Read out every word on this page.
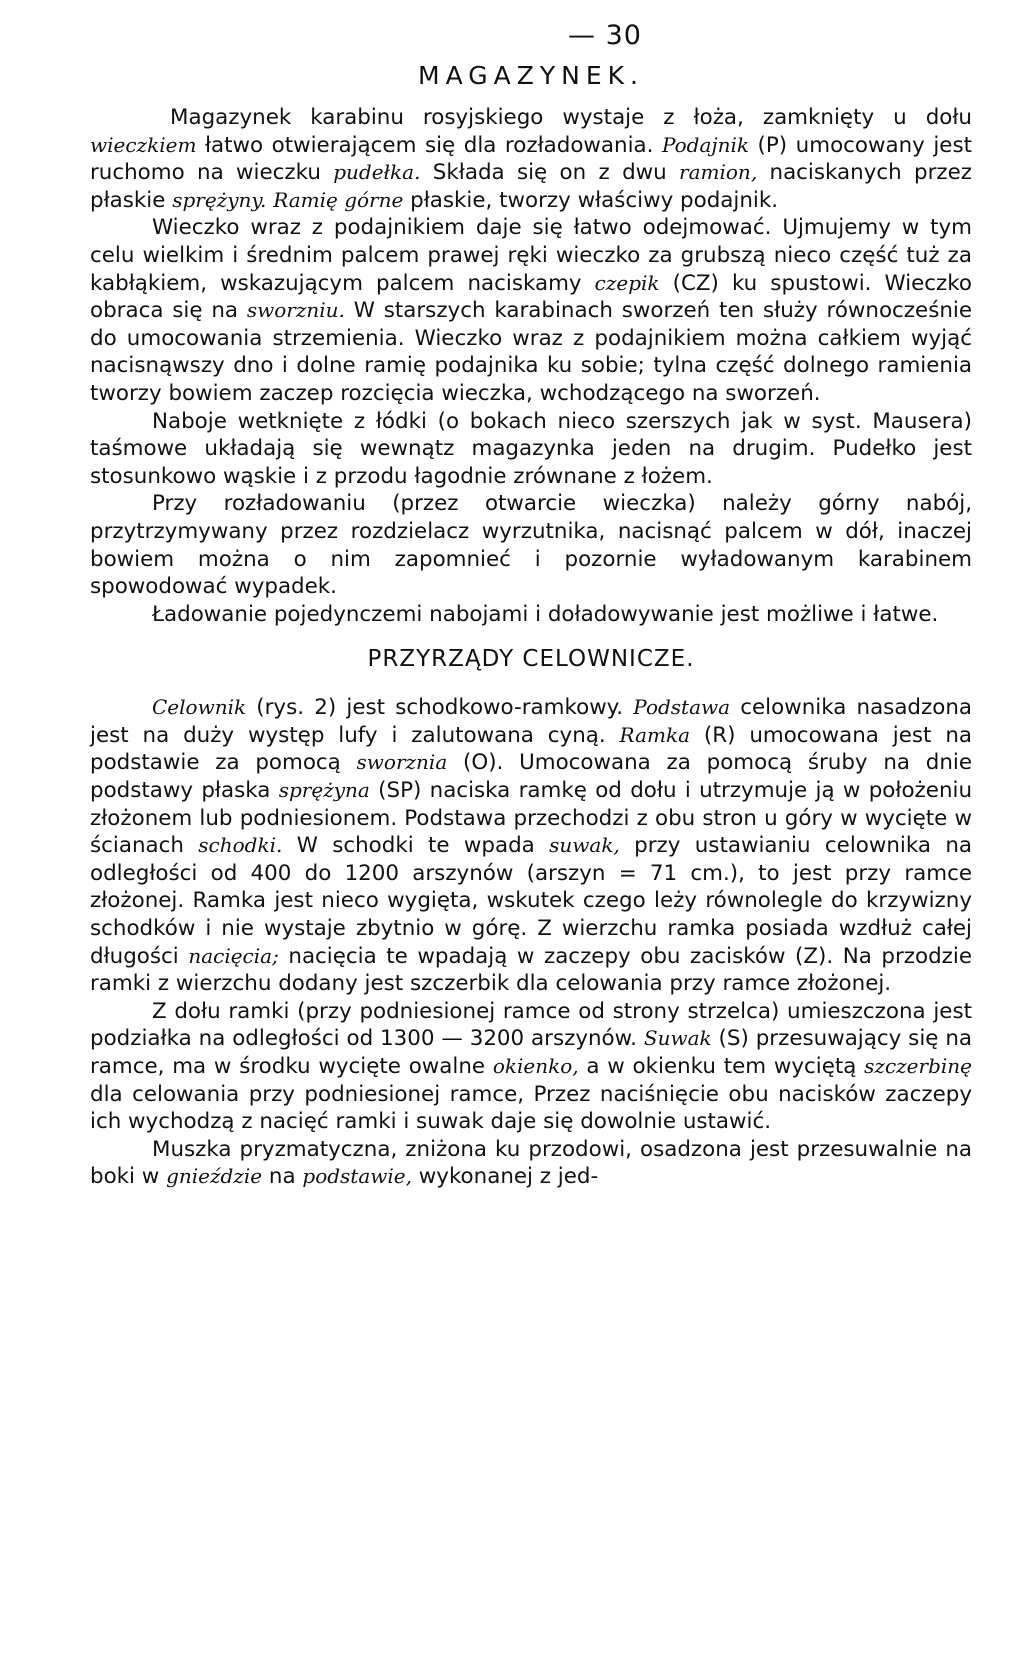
— 30
MAGAZYNEK.

Magazynek karabinu rosyjskiego wystaje z łoża, zamknięty u dołu wieczkiem łatwo otwierającem się dla rozładowania. Podajnik (P) umocowany jest ruchomo na wieczku pudełka. Składa się on z dwu ramion, naciskanych przez płaskie sprężyny. Ramię górne płaskie, tworzy właściwy podajnik.

Wieczko wraz z podajnikiem daje się łatwo odejmować. Ujmujemy w tym celu wielkim i średnim palcem prawej ręki wieczko za grubszą nieco część tuż za kabłąkiem, wskazującym palcem naciskamy czepik (CZ) ku spustowi. Wieczko obraca się na sworzniu. W starszych karabinach sworzeń ten służy równocześnie do umocowania strzemienia. Wieczko wraz z podajnikiem można całkiem wyjąć nacisnąwszy dno i dolne ramię podajnika ku sobie; tylna część dolnego ramienia tworzy bowiem zaczep rozcięcia wieczka, wchodzącego na sworzeń.

Naboje wetknięte z łódki (o bokach nieco szerszych jak w syst. Mausera) taśmowe układają się wewnątz magazynka jeden na drugim. Pudełko jest stosunkowo wąskie i z przodu łagodnie zrównane z łożem.

Przy rozładowaniu (przez otwarcie wieczka) należy górny nabój, przytrzymywany przez rozdzielacz wyrzutnika, nacisnąć palcem w dół, inaczej bowiem można o nim zapomnieć i pozornie wyładowanym karabinem spowodować wypadek.

Ładowanie pojedynczemi nabojami i doładowywanie jest możliwe i łatwe.

PRZYRZĄDY CELOWNICZE.

Celownik (rys. 2) jest schodkowo-ramkowy. Podstawa celownika nasadzona jest na duży występ lufy i zalutowana cyną. Ramka (R) umocowana jest na podstawie za pomocą sworznia (O). Umocowana za pomocą śruby na dnie podstawy płaska sprężyna (SP) naciska ramkę od dołu i utrzymuje ją w położeniu złożonem lub podniesionem. Podstawa przechodzi z obu stron u góry w wycięte w ścianach schodki. W schodki te wpada suwak, przy ustawianiu celownika na odległości od 400 do 1200 arszynów (arszyn = 71 cm.), to jest przy ramce złożonej. Ramka jest nieco wygięta, wskutek czego leży równolegle do krzywizny schodków i nie wystaje zbytnio w górę. Z wierzchu ramka posiada wzdłuż całej długości nacięcia; nacięcia te wpadają w zaczepy obu zacisków (Z). Na przodzie ramki z wierzchu dodany jest szczerbik dla celowania przy ramce złożonej.

Z dołu ramki (przy podniesionej ramce od strony strzelca) umieszczona jest podziałka na odległości od 1300 — 3200 arszynów. Suwak (S) przesuwający się na ramce, ma w środku wycięte owalne okienko, a w okienku tem wyciętą szczerbinę dla celowania przy podniesionej ramce, Przez naciśnięcie obu nacisków zaczepy ich wychodzą z nacięć ramki i suwak daje się dowolnie ustawić.

Muszka pryzmatyczna, zniżona ku przodowi, osadzona jest przesuwalnie na boki w gnieździe na podstawie, wykonanej z jed-
